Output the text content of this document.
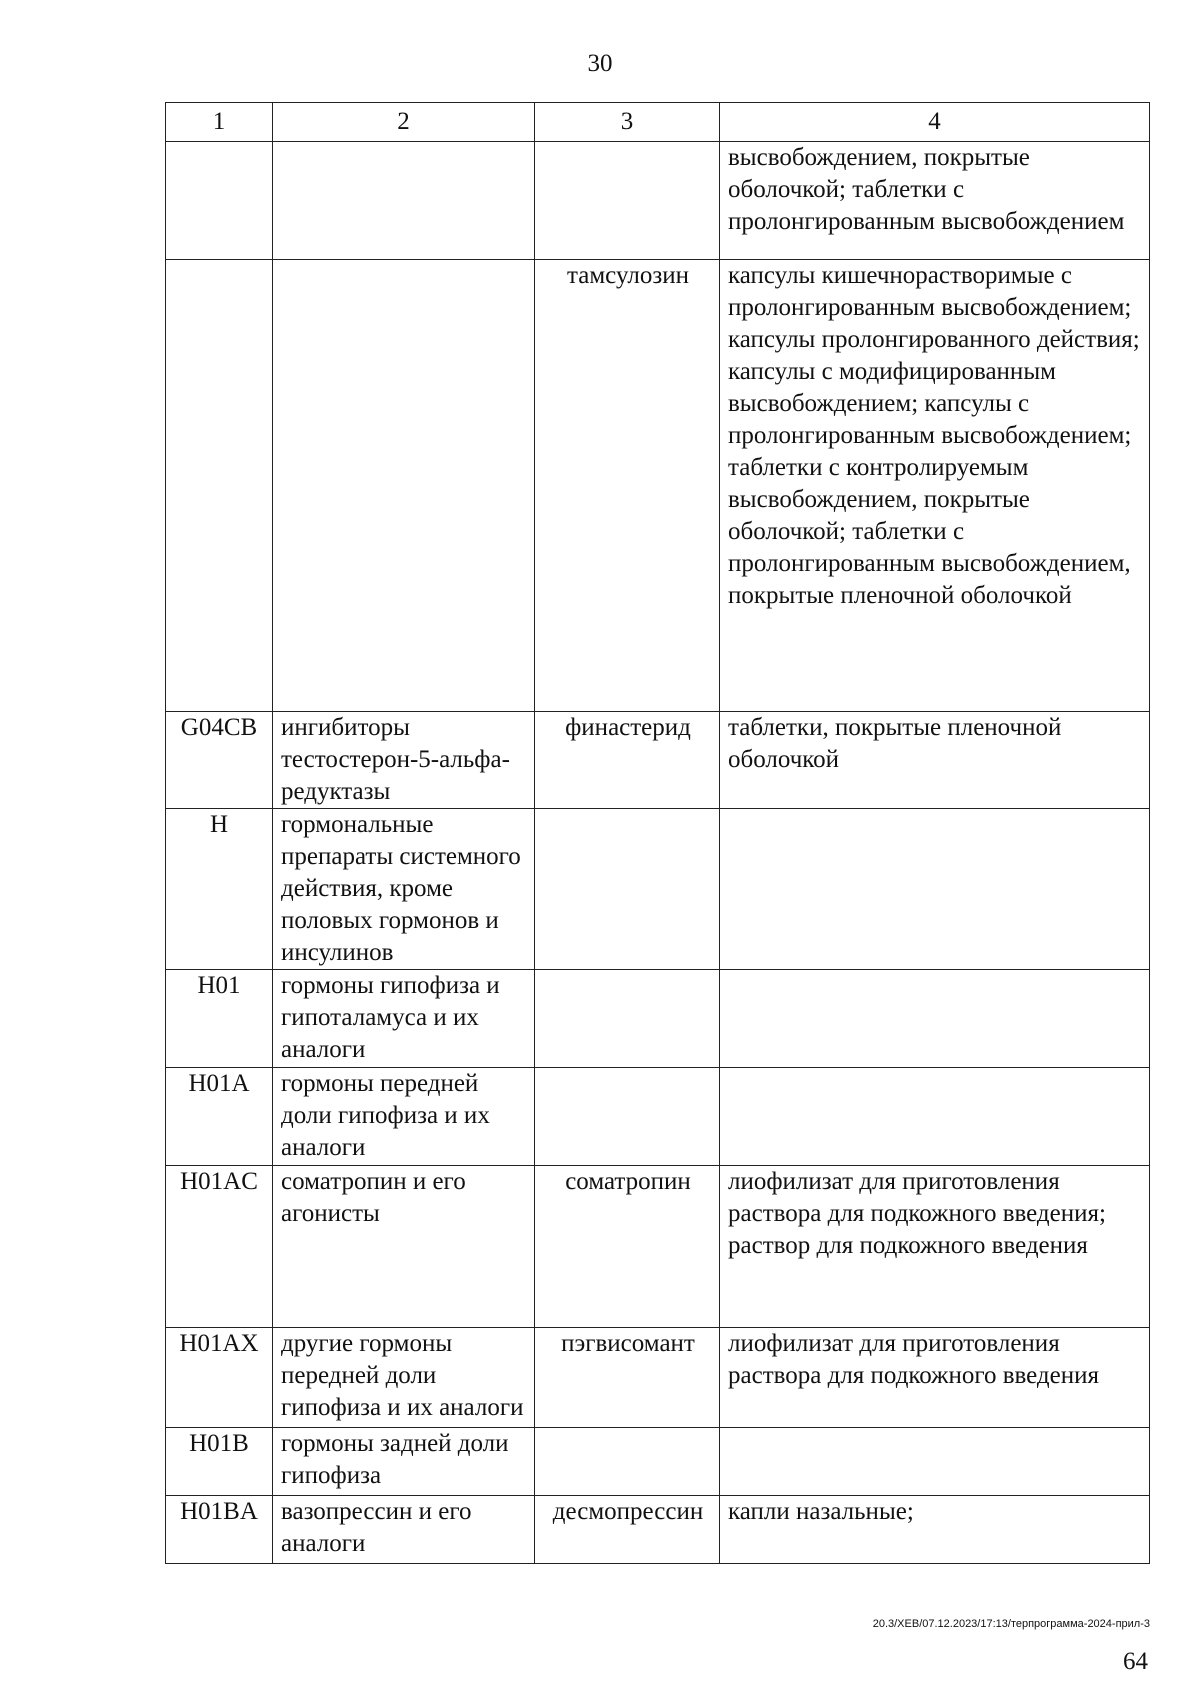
30
1	2	3	4
			высвобождением, покрытые оболочкой; таблетки с пролонгированным высвобождением
		тамсулозин	капсулы кишечнорастворимые с пролонгированным высвобождением; капсулы пролонгированного действия; капсулы с модифицированным высвобождением; капсулы с пролонгированным высвобождением; таблетки с контролируемым высвобождением, покрытые оболочкой; таблетки с пролонгированным высвобождением, покрытые пленочной оболочкой
G04CB	ингибиторы тестостерон-5-альфа-редуктазы	финастерид	таблетки, покрытые пленочной оболочкой
H	гормональные препараты системного действия, кроме половых гормонов и инсулинов		
H01	гормоны гипофиза и гипоталамуса и их аналоги		
H01A	гормоны передней доли гипофиза и их аналоги		
H01AC	соматропин и его агонисты	соматропин	лиофилизат для приготовления раствора для подкожного введения; раствор для подкожного введения
H01AX	другие гормоны передней доли гипофиза и их аналоги	пэгвисомант	лиофилизат для приготовления раствора для подкожного введения
H01B	гормоны задней доли гипофиза		
H01BA	вазопрессин и его аналоги	десмопрессин	капли назальные;
20.3/ХЕВ/07.12.2023/17:13/терпрограмма-2024-прил-3
64
